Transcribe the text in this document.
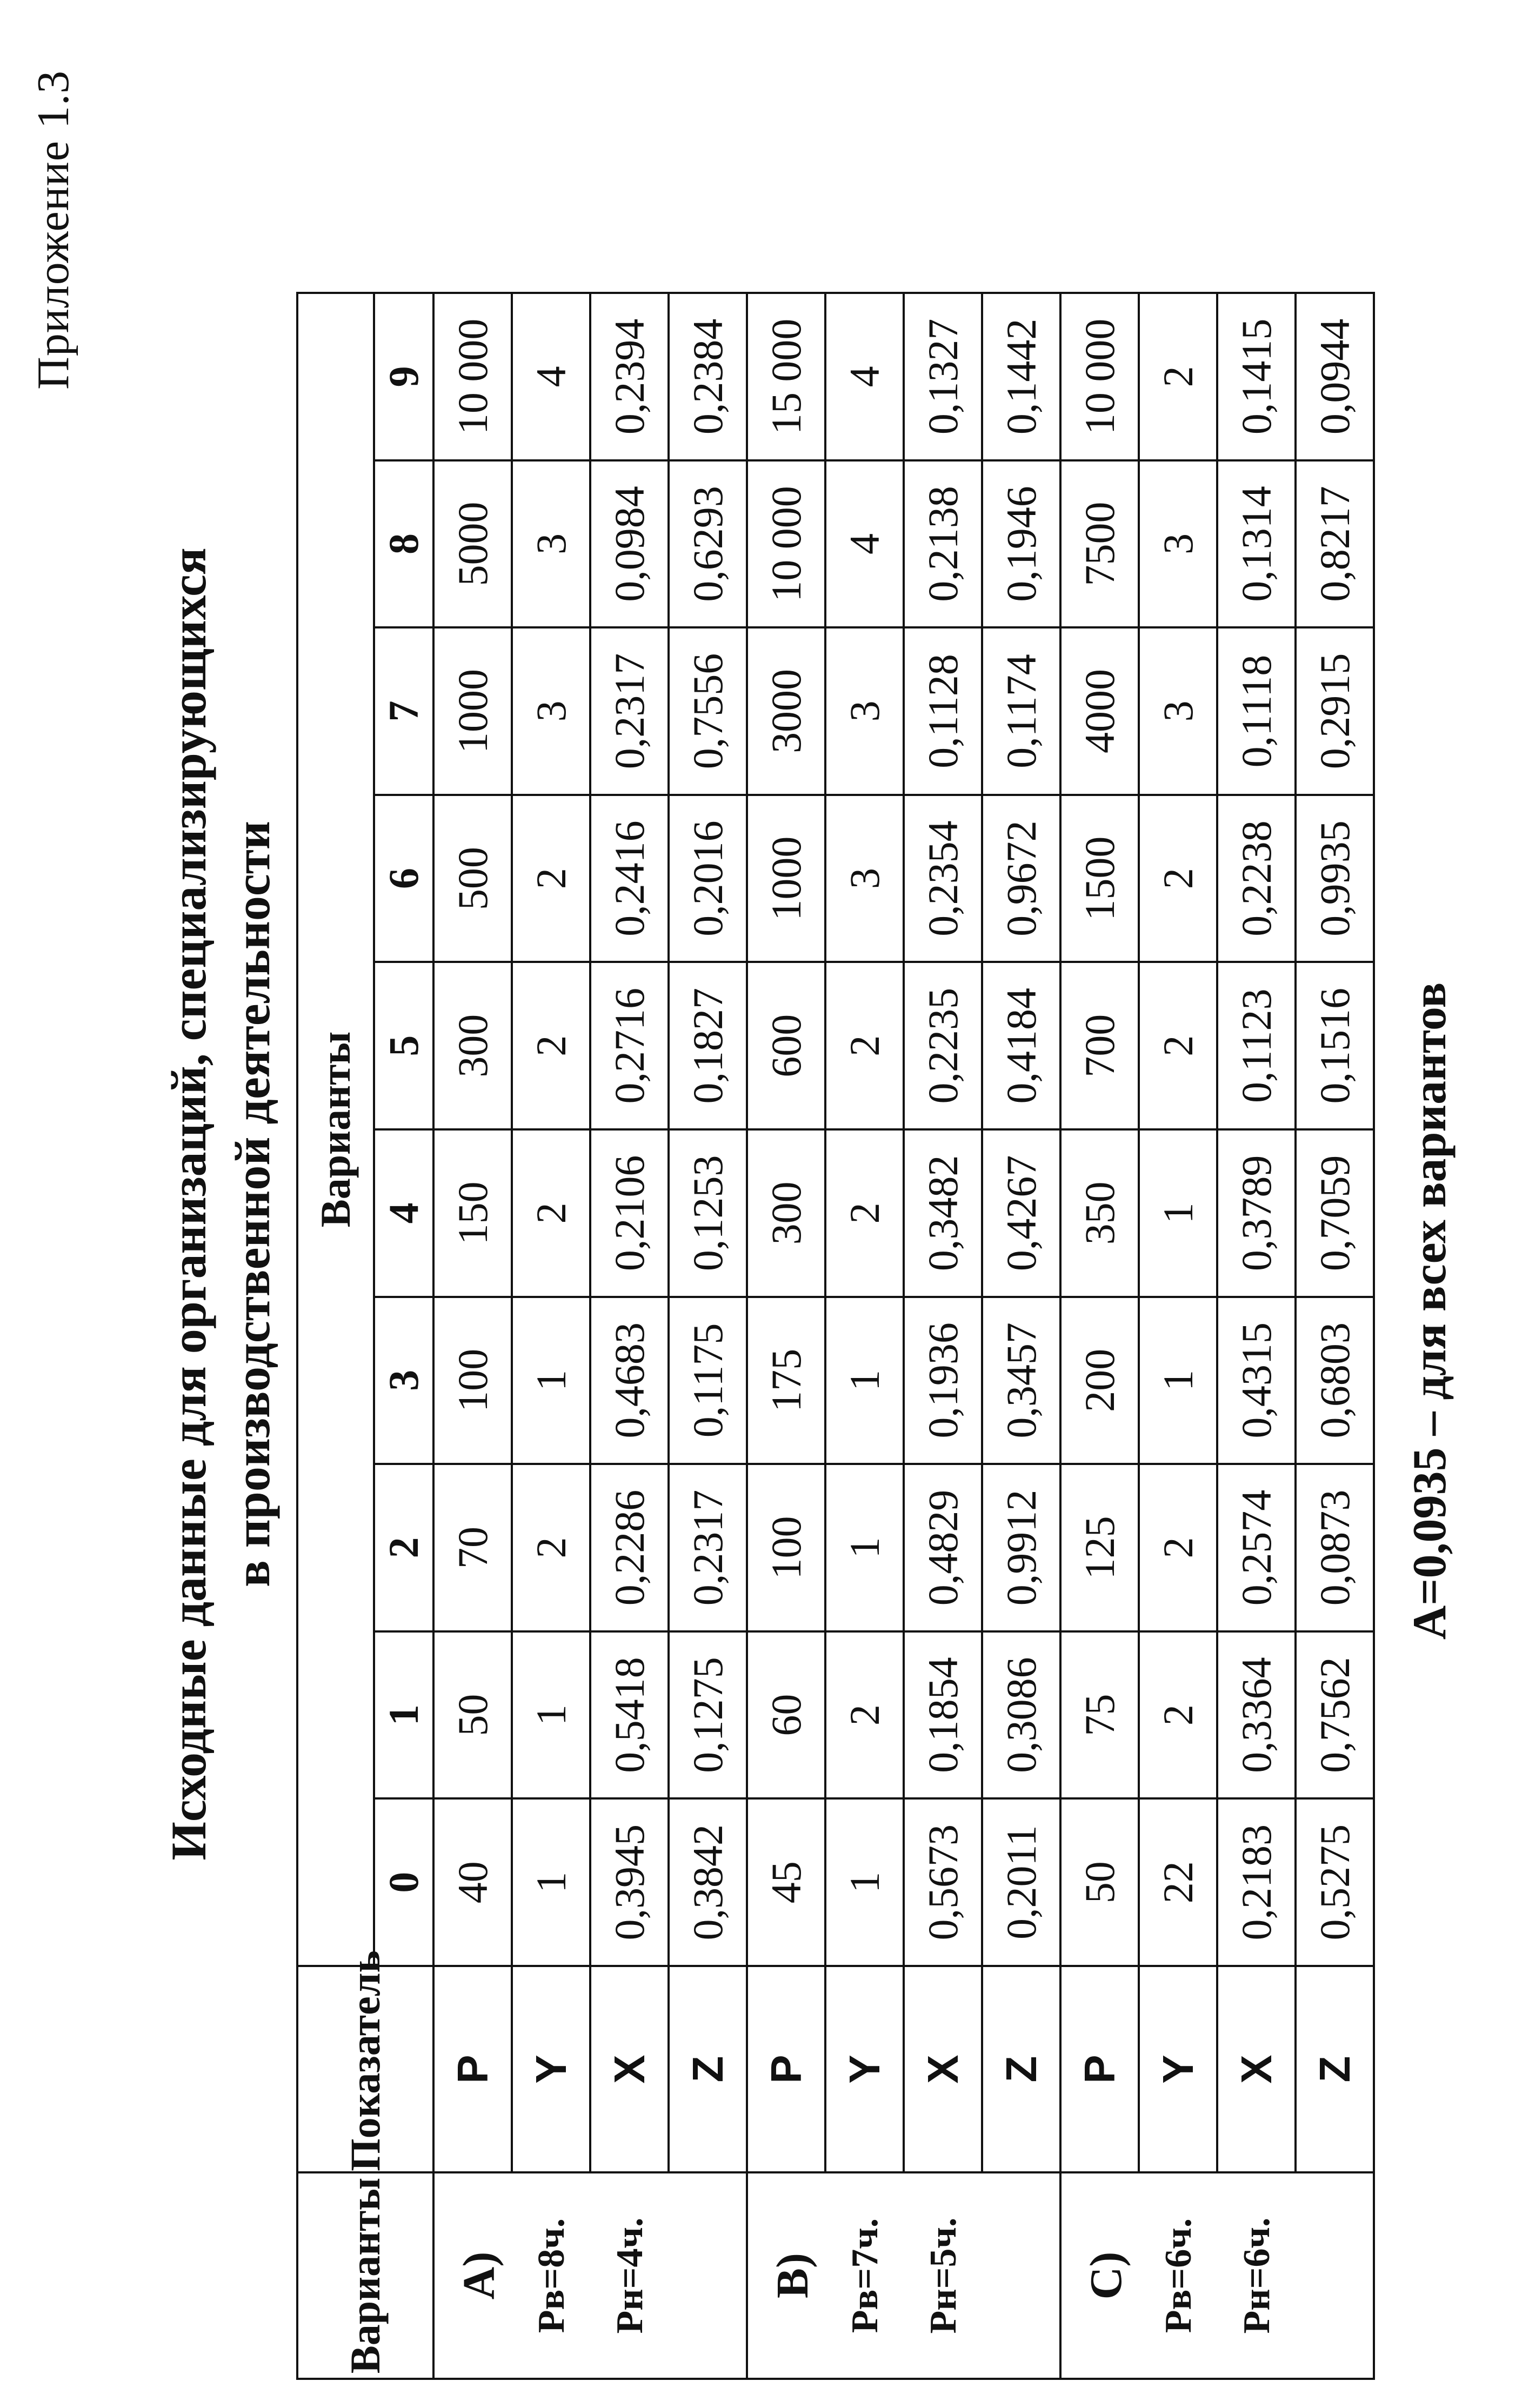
Приложение 1.3
Исходные данные для организаций, специализирующихся в производственной деятельности
Варианты	Показатель	Варианты									
		0	1	2	3	4	5	6	7	8	9

А)	P	40	50	70	100	150	300	500	1000	5000	10 000

Рв=8ч.	Y	1	1	2	1	2	2	2	3	3	4

Рн=4ч.	X	0,3945	0,5418	0,2286	0,4683	0,2106	0,2716	0,2416	0,2317	0,0984	0,2394
	Z	0,3842	0,1275	0,2317	0,1175	0,1253	0,1827	0,2016	0,7556	0,6293	0,2384

В)	P	45	60	100	175	300	600	1000	3000	10 000	15 000

Рв=7ч.	Y	1	2	1	1	2	2	3	3	4	4

Рн=5ч.	X	0,5673	0,1854	0,4829	0,1936	0,3482	0,2235	0,2354	0,1128	0,2138	0,1327
	Z	0,2011	0,3086	0,9912	0,3457	0,4267	0,4184	0,9672	0,1174	0,1946	0,1442

С)	P	50	75	125	200	350	700	1500	4000	7500	10 000

Рв=6ч.	Y	22	2	2	1	1	2	2	3	3	2

Рн=6ч.	X	0,2183	0,3364	0,2574	0,4315	0,3789	0,1123	0,2238	0,1118	0,1314	0,1415
	Z	0,5275	0,7562	0,0873	0,6803	0,7059	0,1516	0,9935	0,2915	0,8217	0,0944
А=0,0935 – для всех вариантов
